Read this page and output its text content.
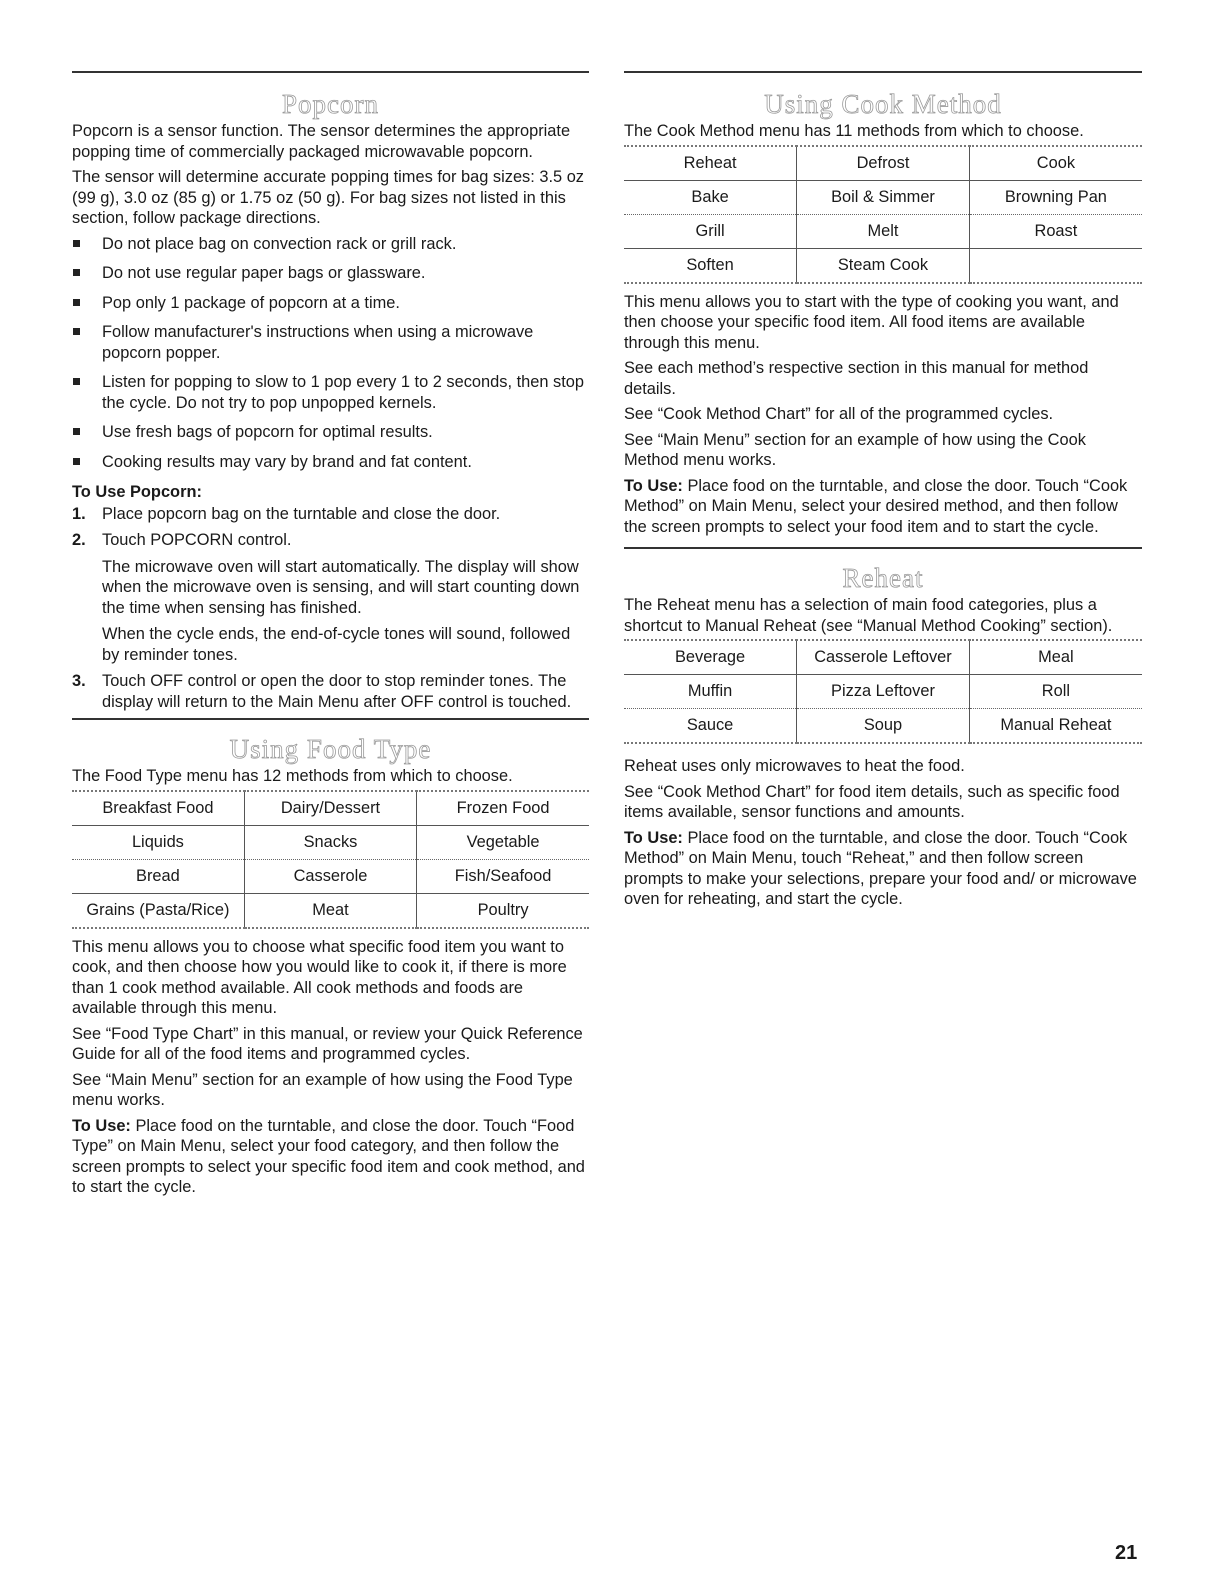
Popcorn

Popcorn is a sensor function. The sensor determines the appropriate popping time of commercially packaged microwavable popcorn.

The sensor will determine accurate popping times for bag sizes: 3.5 oz (99 g), 3.0 oz (85 g) or 1.75 oz (50 g). For bag sizes not listed in this section, follow package directions.

Do not place bag on convection rack or grill rack.
Do not use regular paper bags or glassware.
Pop only 1 package of popcorn at a time.
Follow manufacturer's instructions when using a microwave popcorn popper.
Listen for popping to slow to 1 pop every 1 to 2 seconds, then stop the cycle. Do not try to pop unpopped kernels.
Use fresh bags of popcorn for optimal results.
Cooking results may vary by brand and fat content.
To Use Popcorn:
1. Place popcorn bag on the turntable and close the door.
2. Touch POPCORN control.
The microwave oven will start automatically. The display will show when the microwave oven is sensing, and will start counting down the time when sensing has finished.
When the cycle ends, the end-of-cycle tones will sound, followed by reminder tones.
3. Touch OFF control or open the door to stop reminder tones. The display will return to the Main Menu after OFF control is touched.
Using Food Type

The Food Type menu has 12 methods from which to choose.

Breakfast Food	Dairy/Dessert	Frozen Food
Liquids	Snacks	Vegetable
Bread	Casserole	Fish/Seafood
Grains (Pasta/Rice)	Meat	Poultry

This menu allows you to choose what specific food item you want to cook, and then choose how you would like to cook it, if there is more than 1 cook method available. All cook methods and foods are available through this menu.

See “Food Type Chart” in this manual, or review your Quick Reference Guide for all of the food items and programmed cycles.

See “Main Menu” section for an example of how using the Food Type menu works.

To Use: Place food on the turntable, and close the door. Touch “Food Type” on Main Menu, select your food category, and then follow the screen prompts to select your specific food item and cook method, and to start the cycle.

Using Cook Method

The Cook Method menu has 11 methods from which to choose.

Reheat	Defrost	Cook
Bake	Boil & Simmer	Browning Pan
Grill	Melt	Roast
Soften	Steam Cook	

This menu allows you to start with the type of cooking you want, and then choose your specific food item. All food items are available through this menu.

See each method’s respective section in this manual for method details.

See “Cook Method Chart” for all of the programmed cycles.

See “Main Menu” section for an example of how using the Cook Method menu works.

To Use: Place food on the turntable, and close the door. Touch “Cook Method” on Main Menu, select your desired method, and then follow the screen prompts to select your food item and to start the cycle.

Reheat

The Reheat menu has a selection of main food categories, plus a shortcut to Manual Reheat (see “Manual Method Cooking” section).

Beverage	Casserole Leftover	Meal
Muffin	Pizza Leftover	Roll
Sauce	Soup	Manual Reheat

Reheat uses only microwaves to heat the food.

See “Cook Method Chart” for food item details, such as specific food items available, sensor functions and amounts.

To Use: Place food on the turntable, and close the door. Touch “Cook Method” on Main Menu, touch “Reheat,” and then follow screen prompts to make your selections, prepare your food and/ or microwave oven for reheating, and start the cycle.

21
